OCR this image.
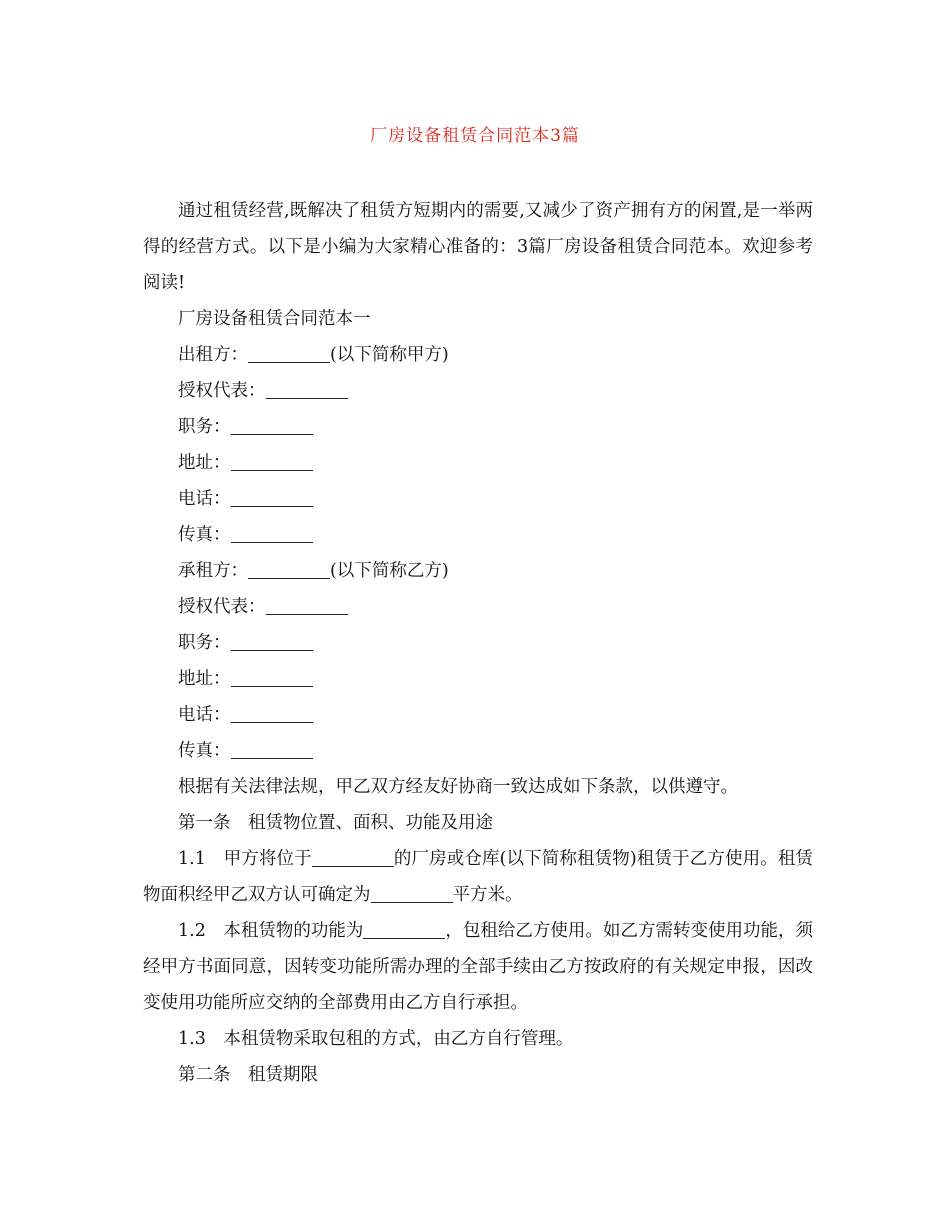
厂房设备租赁合同范本3篇

通过租赁经营,既解决了租赁方短期内的需要,又减少了资产拥有方的闲置,是一举两得的经营方式。以下是小编为大家精心准备的：3篇厂房设备租赁合同范本。欢迎参考阅读!

厂房设备租赁合同范本一

出租方：	(以下简称甲方)

授权代表：

职务：

地址：

电话：

传真：

承租方：	(以下简称乙方)

授权代表：

职务：

地址：

电话：

传真：

根据有关法律法规，甲乙双方经友好协商一致达成如下条款，以供遵守。

第一条　租赁物位置、面积、功能及用途

1.1　甲方将位于	的厂房或仓库(以下简称租赁物)租赁于乙方使用。租赁物面积经甲乙双方认可确定为	平方米。

1.2　本租赁物的功能为	，包租给乙方使用。如乙方需转变使用功能，须经甲方书面同意，因转变功能所需办理的全部手续由乙方按政府的有关规定申报，因改变使用功能所应交纳的全部费用由乙方自行承担。

1.3　本租赁物采取包租的方式，由乙方自行管理。

第二条　租赁期限
